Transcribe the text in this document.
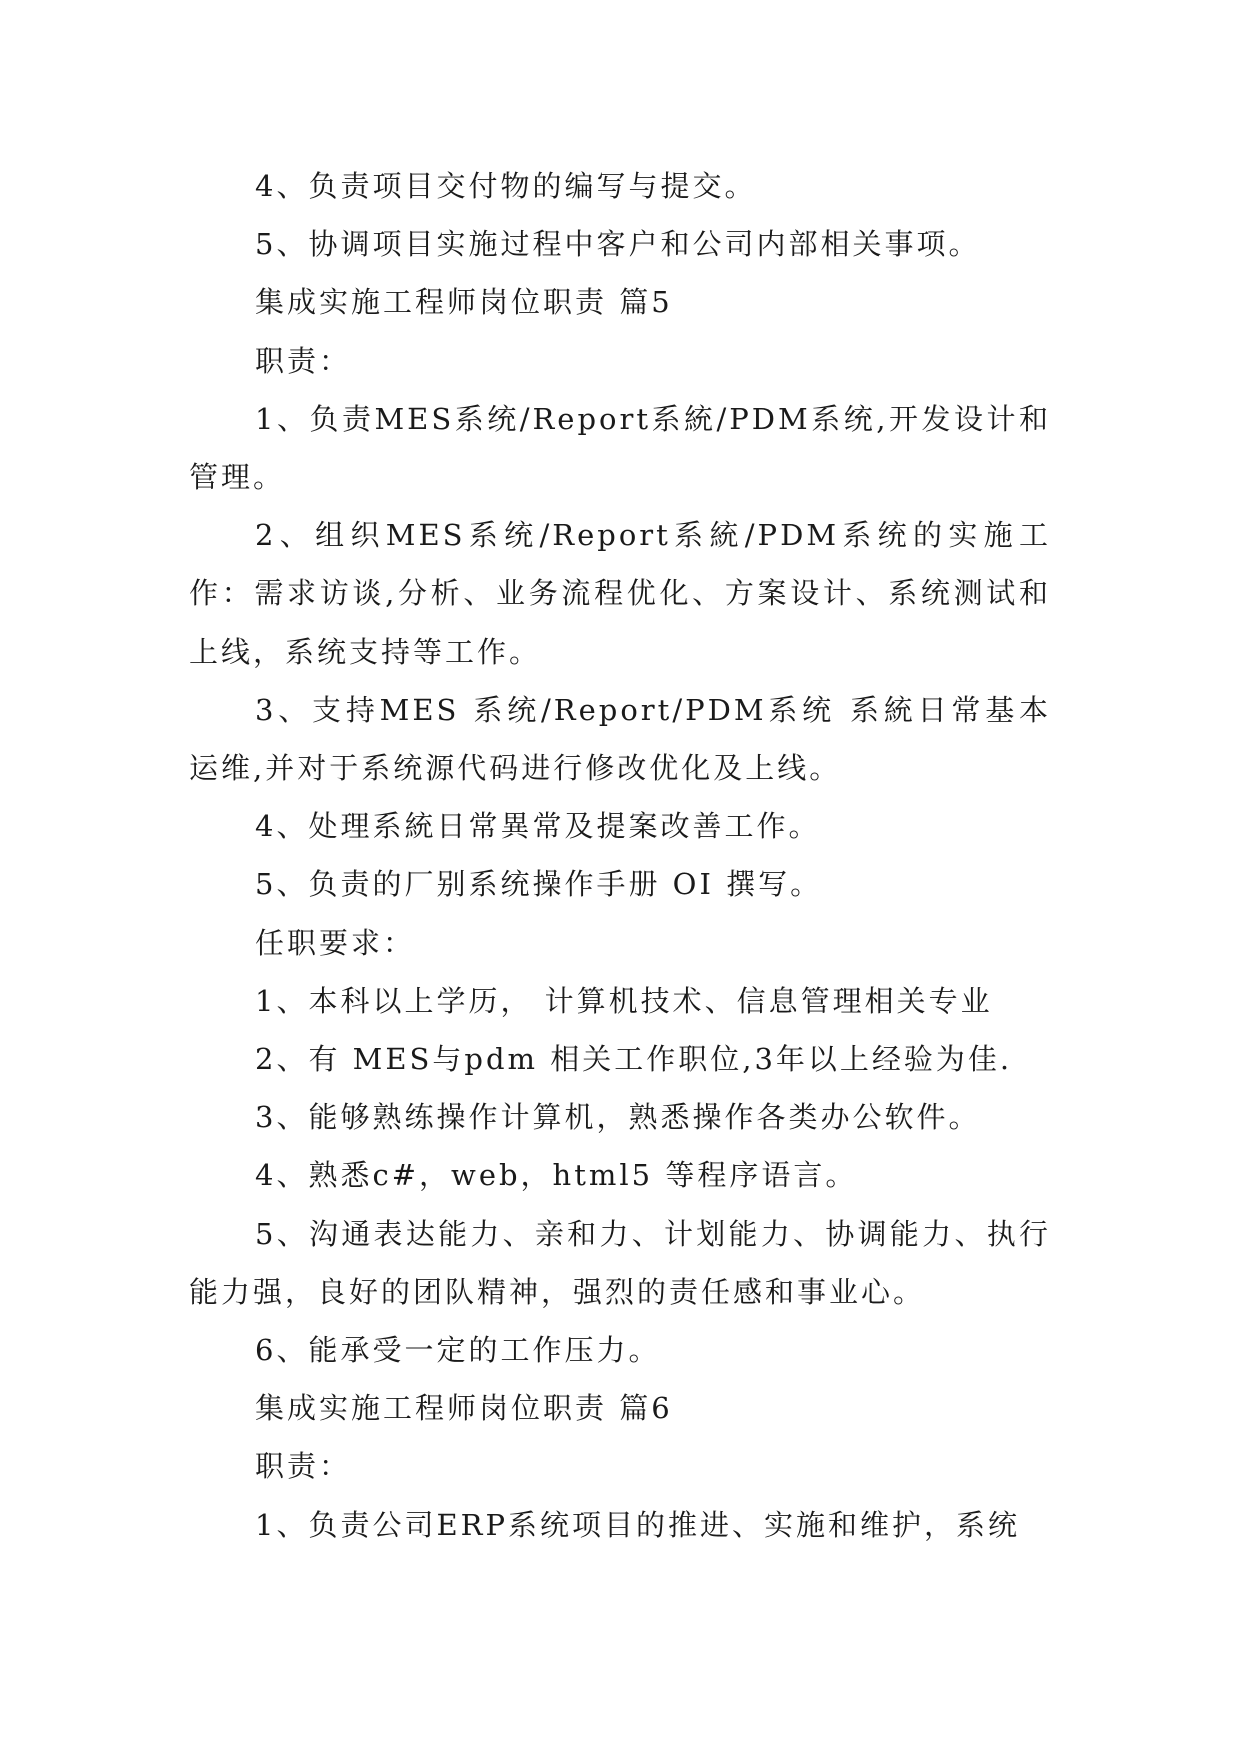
4、负责项目交付物的编写与提交。

5、协调项目实施过程中客户和公司内部相关事项。

集成实施工程师岗位职责 篇5

职责：

1、负责MES系统/Report系統/PDM系统,开发设计和管理。

2、组织MES系统/Report系統/PDM系统的实施工作：需求访谈,分析、业务流程优化、方案设计、系统测试和上线，系统支持等工作。

3、支持MES 系统/Report/PDM系统 系統日常基本运维,并对于系统源代码进行修改优化及上线。

4、处理系統日常異常及提案改善工作。

5、负责的厂别系统操作手册 OI 撰写。

任职要求：

1、本科以上学历， 计算机技术、信息管理相关专业

2、有 MES与pdm 相关工作职位,3年以上经验为佳.

3、能够熟练操作计算机，熟悉操作各类办公软件。

4、熟悉c#，web，html5 等程序语言。

5、沟通表达能力、亲和力、计划能力、协调能力、执行能力强，良好的团队精神，强烈的责任感和事业心。

6、能承受一定的工作压力。

集成实施工程师岗位职责 篇6

职责：

1、负责公司ERP系统项目的推进、实施和维护，系统
